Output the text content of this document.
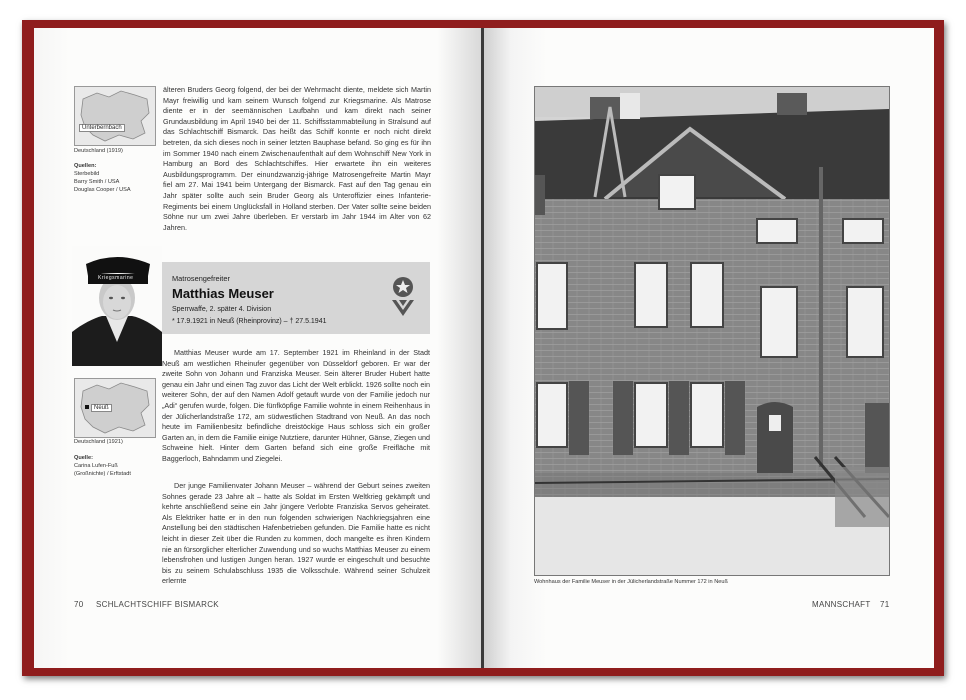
Unterbernbach
Deutschland (1919)
Quellen:
Sterbebild
Barry Smith / USA
Douglas Cooper / USA
älteren Bruders Georg folgend, der bei der Wehrmacht diente, meldete sich Martin Mayr freiwillig und kam seinem Wunsch folgend zur Kriegsmarine. Als Matrose diente er in der seemännischen Laufbahn und kam direkt nach seiner Grundausbildung im April 1940 bei der 11. Schiffsstammabteilung in Stralsund auf das Schlachtschiff Bismarck. Das heißt das Schiff konnte er noch nicht direkt betreten, da sich dieses noch in seiner letzten Bauphase befand. So ging es für ihn im Sommer 1940 nach einem Zwischenaufenthalt auf dem Wohnschiff New York in Hamburg an Bord des Schlachtschiffes. Hier erwartete ihn ein weiteres Ausbildungsprogramm. Der einundzwanzig-jährige Matrosengefreite Martin Mayr fiel am 27. Mai 1941 beim Untergang der Bismarck. Fast auf den Tag genau ein Jahr später sollte auch sein Bruder Georg als Unteroffizier eines Infanterie-Regiments bei einem Unglücksfall in Holland sterben. Der Vater sollte seine beiden Söhne nur um zwei Jahre überleben. Er verstarb im Jahr 1944 im Alter von 62 Jahren.
Matrosengefreiter
Matthias Meuser
Sperrwaffe, 2. später 4. Division
* 17.9.1921 in Neuß (Rheinprovinz) – † 27.5.1941
Kriegsmarine
Neuß
Deutschland (1921)
Quelle:
Carina Lufen-Fuß
(Großnichte) / Erftstadt
Matthias Meuser wurde am 17. September 1921 im Rheinland in der Stadt Neuß am westlichen Rheinufer gegenüber von Düsseldorf geboren. Er war der zweite Sohn von Johann und Franziska Meuser. Sein älterer Bruder Hubert hatte genau ein Jahr und einen Tag zuvor das Licht der Welt erblickt. 1926 sollte noch ein weiterer Sohn, der auf den Namen Adolf getauft wurde von der Familie jedoch nur „Adi“ gerufen wurde, folgen. Die fünfköpfige Familie wohnte in einem Reihenhaus in der Jülicherlandstraße 172, am südwestlichen Stadtrand von Neuß. An das noch heute im Familienbesitz befindliche dreistöckige Haus schloss sich ein großer Garten an, in dem die Familie einige Nutztiere, darunter Hühner, Gänse, Ziegen und Schweine hielt. Hinter dem Garten befand sich eine große Freifläche mit Baggerloch, Bahndamm und Ziegelei.
Der junge Familienvater Johann Meuser – während der Geburt seines zweiten Sohnes gerade 23 Jahre alt – hatte als Soldat im Ersten Weltkrieg gekämpft und kehrte anschließend seine ein Jahr jüngere Verlobte Franziska Servos geheiratet. Als Elektriker hatte er in den nun folgenden schwierigen Nachkriegsjahren eine Anstellung bei den städtischen Hafenbetrieben gefunden. Die Familie hatte es nicht leicht in dieser Zeit über die Runden zu kommen, doch mangelte es ihren Kindern nie an fürsorglicher elterlicher Zuwendung und so wuchs Matthias Meuser zu einem lebensfrohen und lustigen Jungen heran. 1927 wurde er eingeschult und besuchte bis zu seinem Schulabschluss 1935 die Volksschule. Während seiner Schulzeit erlernte
70 SCHLACHTSCHIFF BISMARCK
Wohnhaus der Familie Meuser in der Jülicherlandstraße Nummer 172 in Neuß
MANNSCHAFT 71
